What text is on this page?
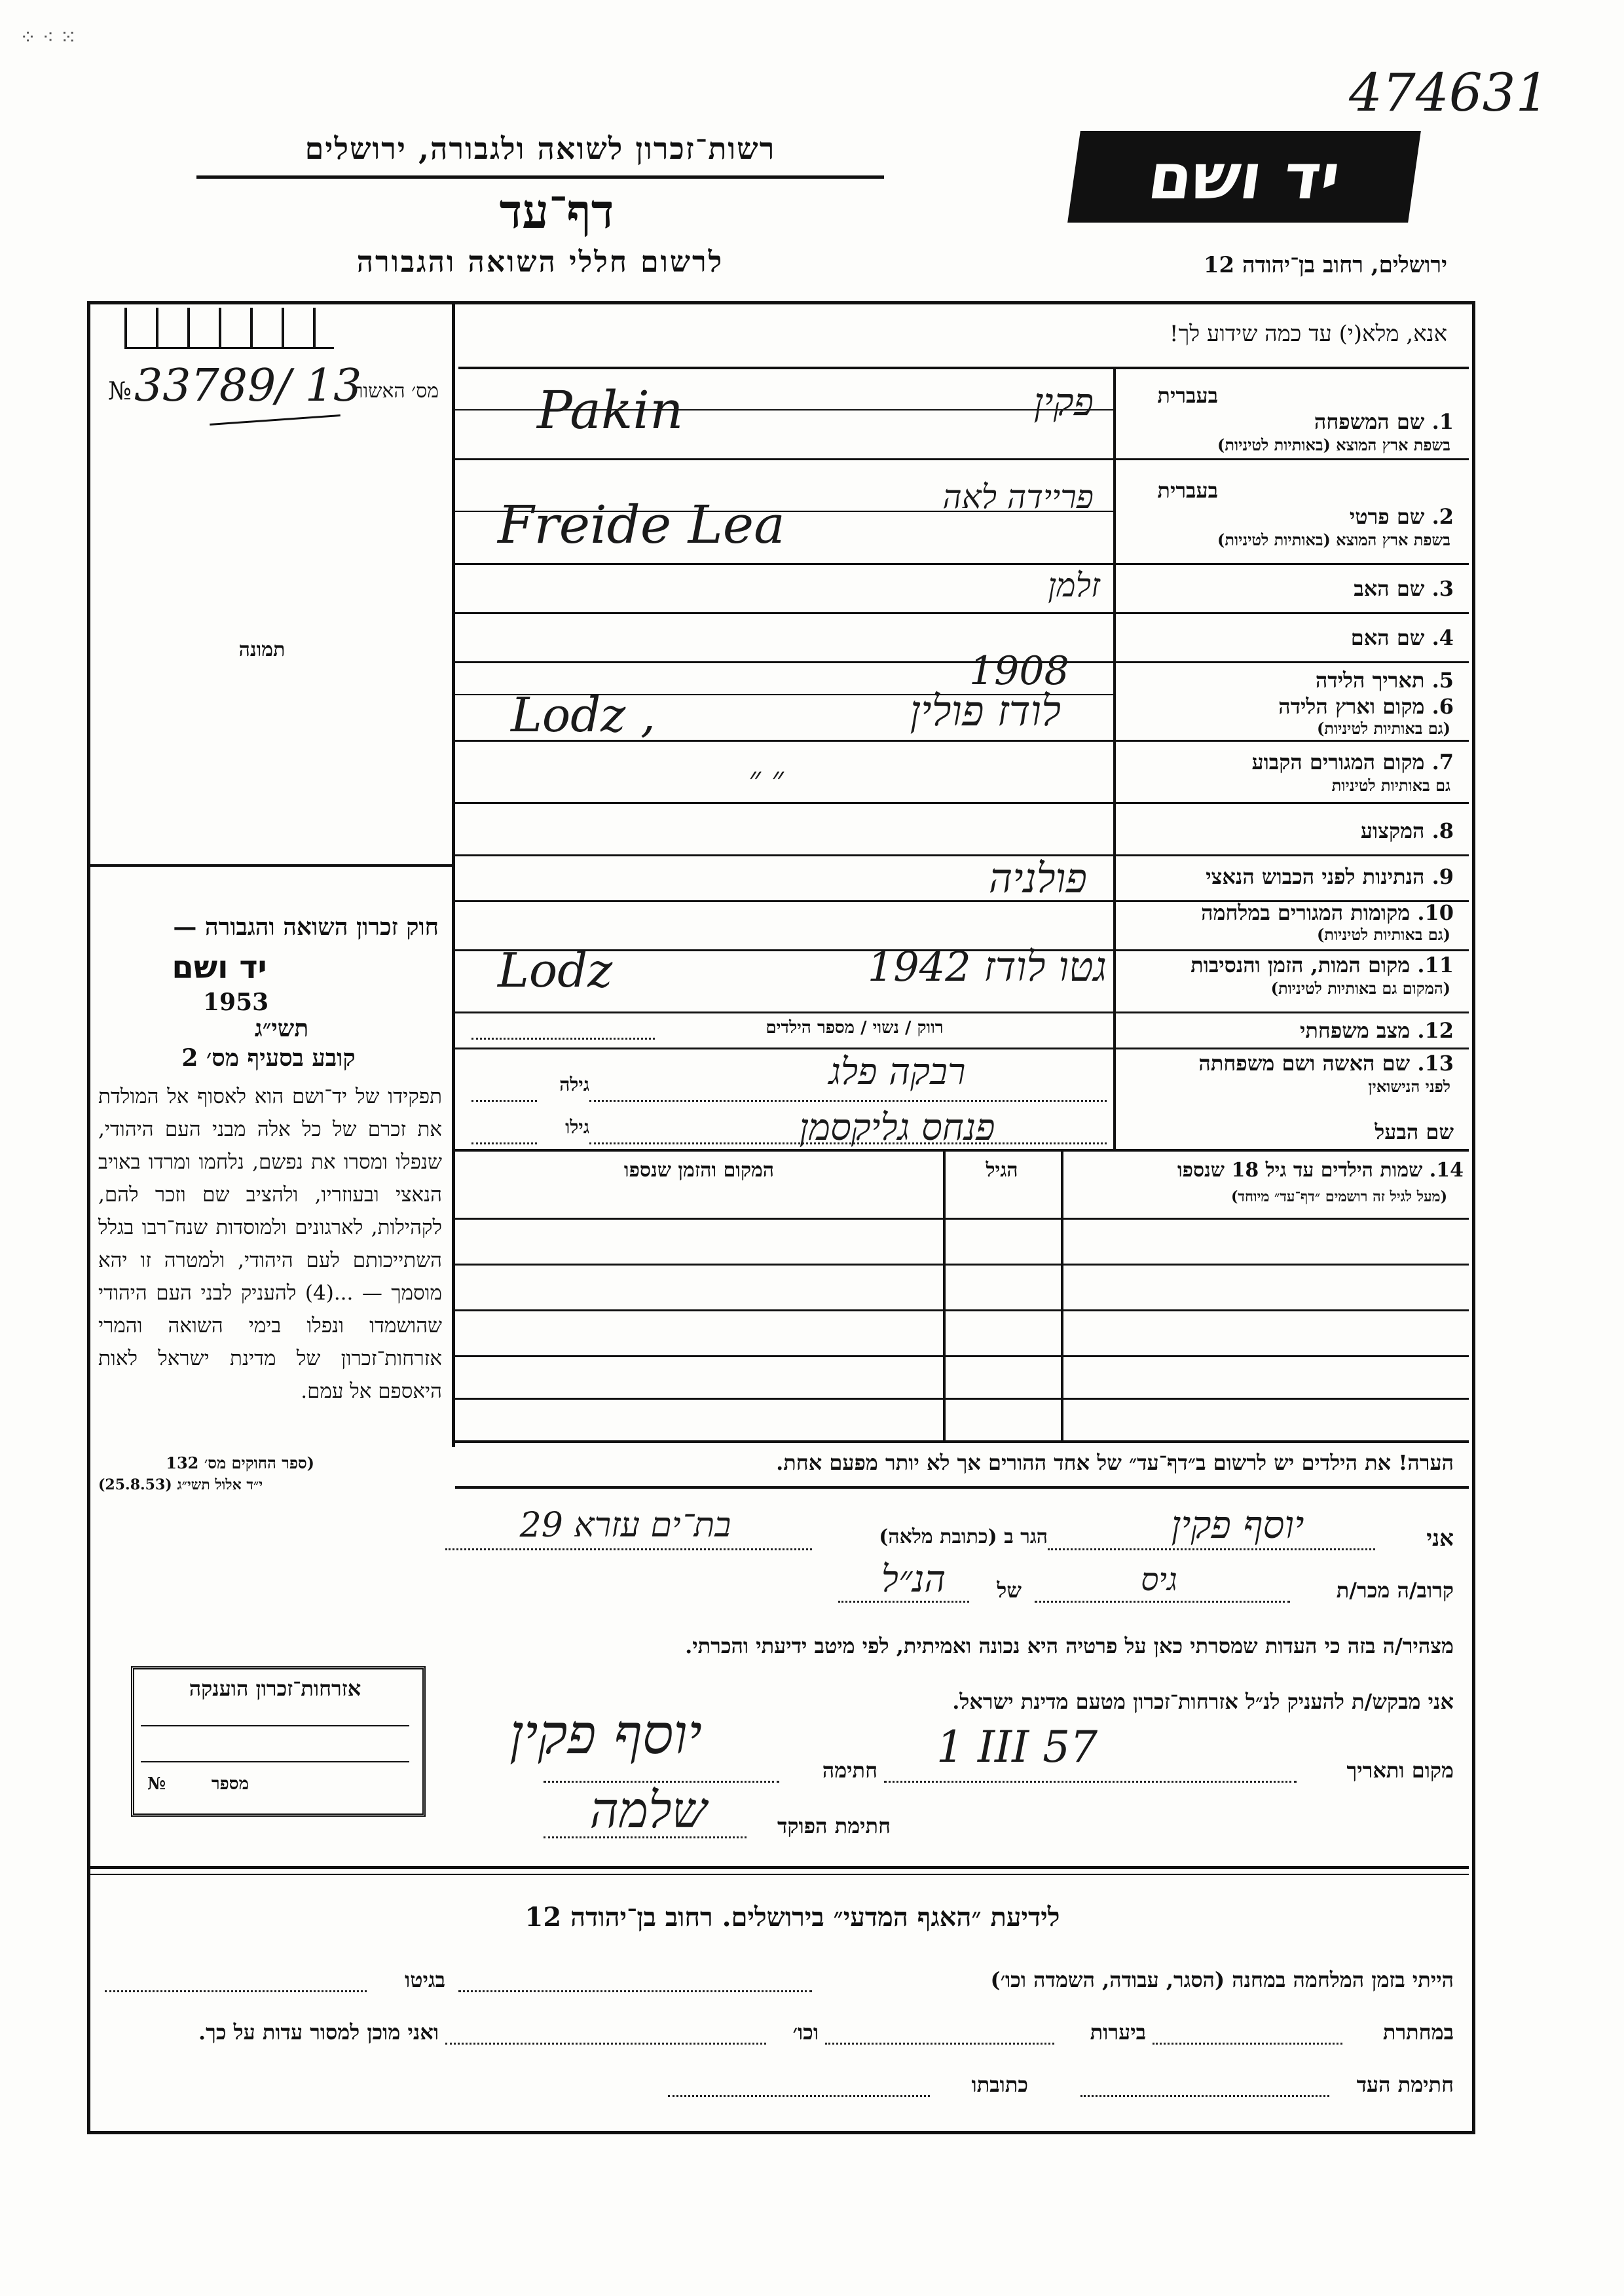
474631
⁘ ⁖ ⁙
רשות־זכרון לשואה ולגבורה, ירושלים
דף־עד
לרשום חללי השואה והגבורה
יד ושם
ירושלים, רחוב בן־יהודה 12
אנא, מלא(י) עד כמה שידוע לך!
מס׳ האשור
№ 33789/ 13
תמונה
חוק זכרון השואה והגבורה —
יד ושם
1953
תשי״ג
קובע בסעיף מס׳ 2
תפקידו של יד־ושם הוא לאסוף אל המולדת את זכרם של כל אלה מבני העם היהודי, שנפלו ומסרו את נפשם, נלחמו ומרדו באויב הנאצי ובעוזריו, ולהציב שם וזכר להם, לקהילות, לארגונים ולמוסדות שנח־רבו בגלל השתייכותם לעם היהודי, ולמטרה זו יהא מוסמך — ...(4) להעניק לבני העם היהודי שהושמדו ונפלו בימי השואה והמרי אזרחות־זכרון של מדינת ישראל לאות היאספם אל עמם.
(ספר החוקים מס׳ 132
י״ד אלול תשי״ג (25.8.53)
בעברית
1. שם המשפחה
בשפת ארץ המוצא (באותיות לטיניות)
בעברית
2. שם פרטי
בשפת ארץ המוצא (באותיות לטיניות)
3. שם האב
4. שם האם
5. תאריך הלידה
6. מקום וארץ הלידה
(גם באותיות לטיניות)
7. מקום המגורים הקבוע
גם באותיות לטיניות
8. המקצוע
9. הנתינות לפני הכבוש הנאצי
10. מקומות המגורים במלחמה
(גם באותיות לטיניות)
11. מקום המות, הזמן והנסיבות
(המקום גם באותיות לטיניות)
12. מצב משפחתי
13. שם האשה ושם משפחתה
לפני הנישואין
שם הבעל
פקין
Pakin
פריידה לאה
Freide Lea
זלמן
1908
לודז פולין
Lodz ,
״ ״
פולניה
גטו לודז 1942
Lodz
רווק / נשוי / מספר הילדים
רבקה פלג
גילה
פנחס גליקסמן
גילו
14. שמות הילדים עד גיל 18 שנספו
(מעל לגיל זה רושמים ״דף־עד״ מיוחד)
הגיל
המקום והזמן שנספו
הערה! את הילדים יש לרשום ב״דף־עד״ של אחד ההורים אך לא יותר מפעם אחת.
אני
יוסף פקין
הגר ב (כתובת מלאה)
בת־ים עזרא 29
קרוב/ה מכר/ת
גיס
של
הנ״ל
מצהיר/ה בזה כי העדות שמסרתי כאן על פרטיה היא נכונה ואמיתית, לפי מיטב ידיעתי והכרתי.
אזרחות־זכרון הוענקה
מספר
№
אני מבקש/ת להעניק לנ״ל אזרחות־זכרון מטעם מדינת ישראל.
מקום ותאריך
1 III 57
חתימה
יוסף פקין
חתימת הפוקד
שלמה
לידיעת ״האגף המדעי״ בירושלים. רחוב בן־יהודה 12
הייתי בזמן המלחמה במחנה (הסגר, עבודה, השמדה וכו׳)
בגיטו
במחתרת
ביערות
וכו׳
ואני מוכן למסור עדות על כך.
חתימת העד
כתובתו
